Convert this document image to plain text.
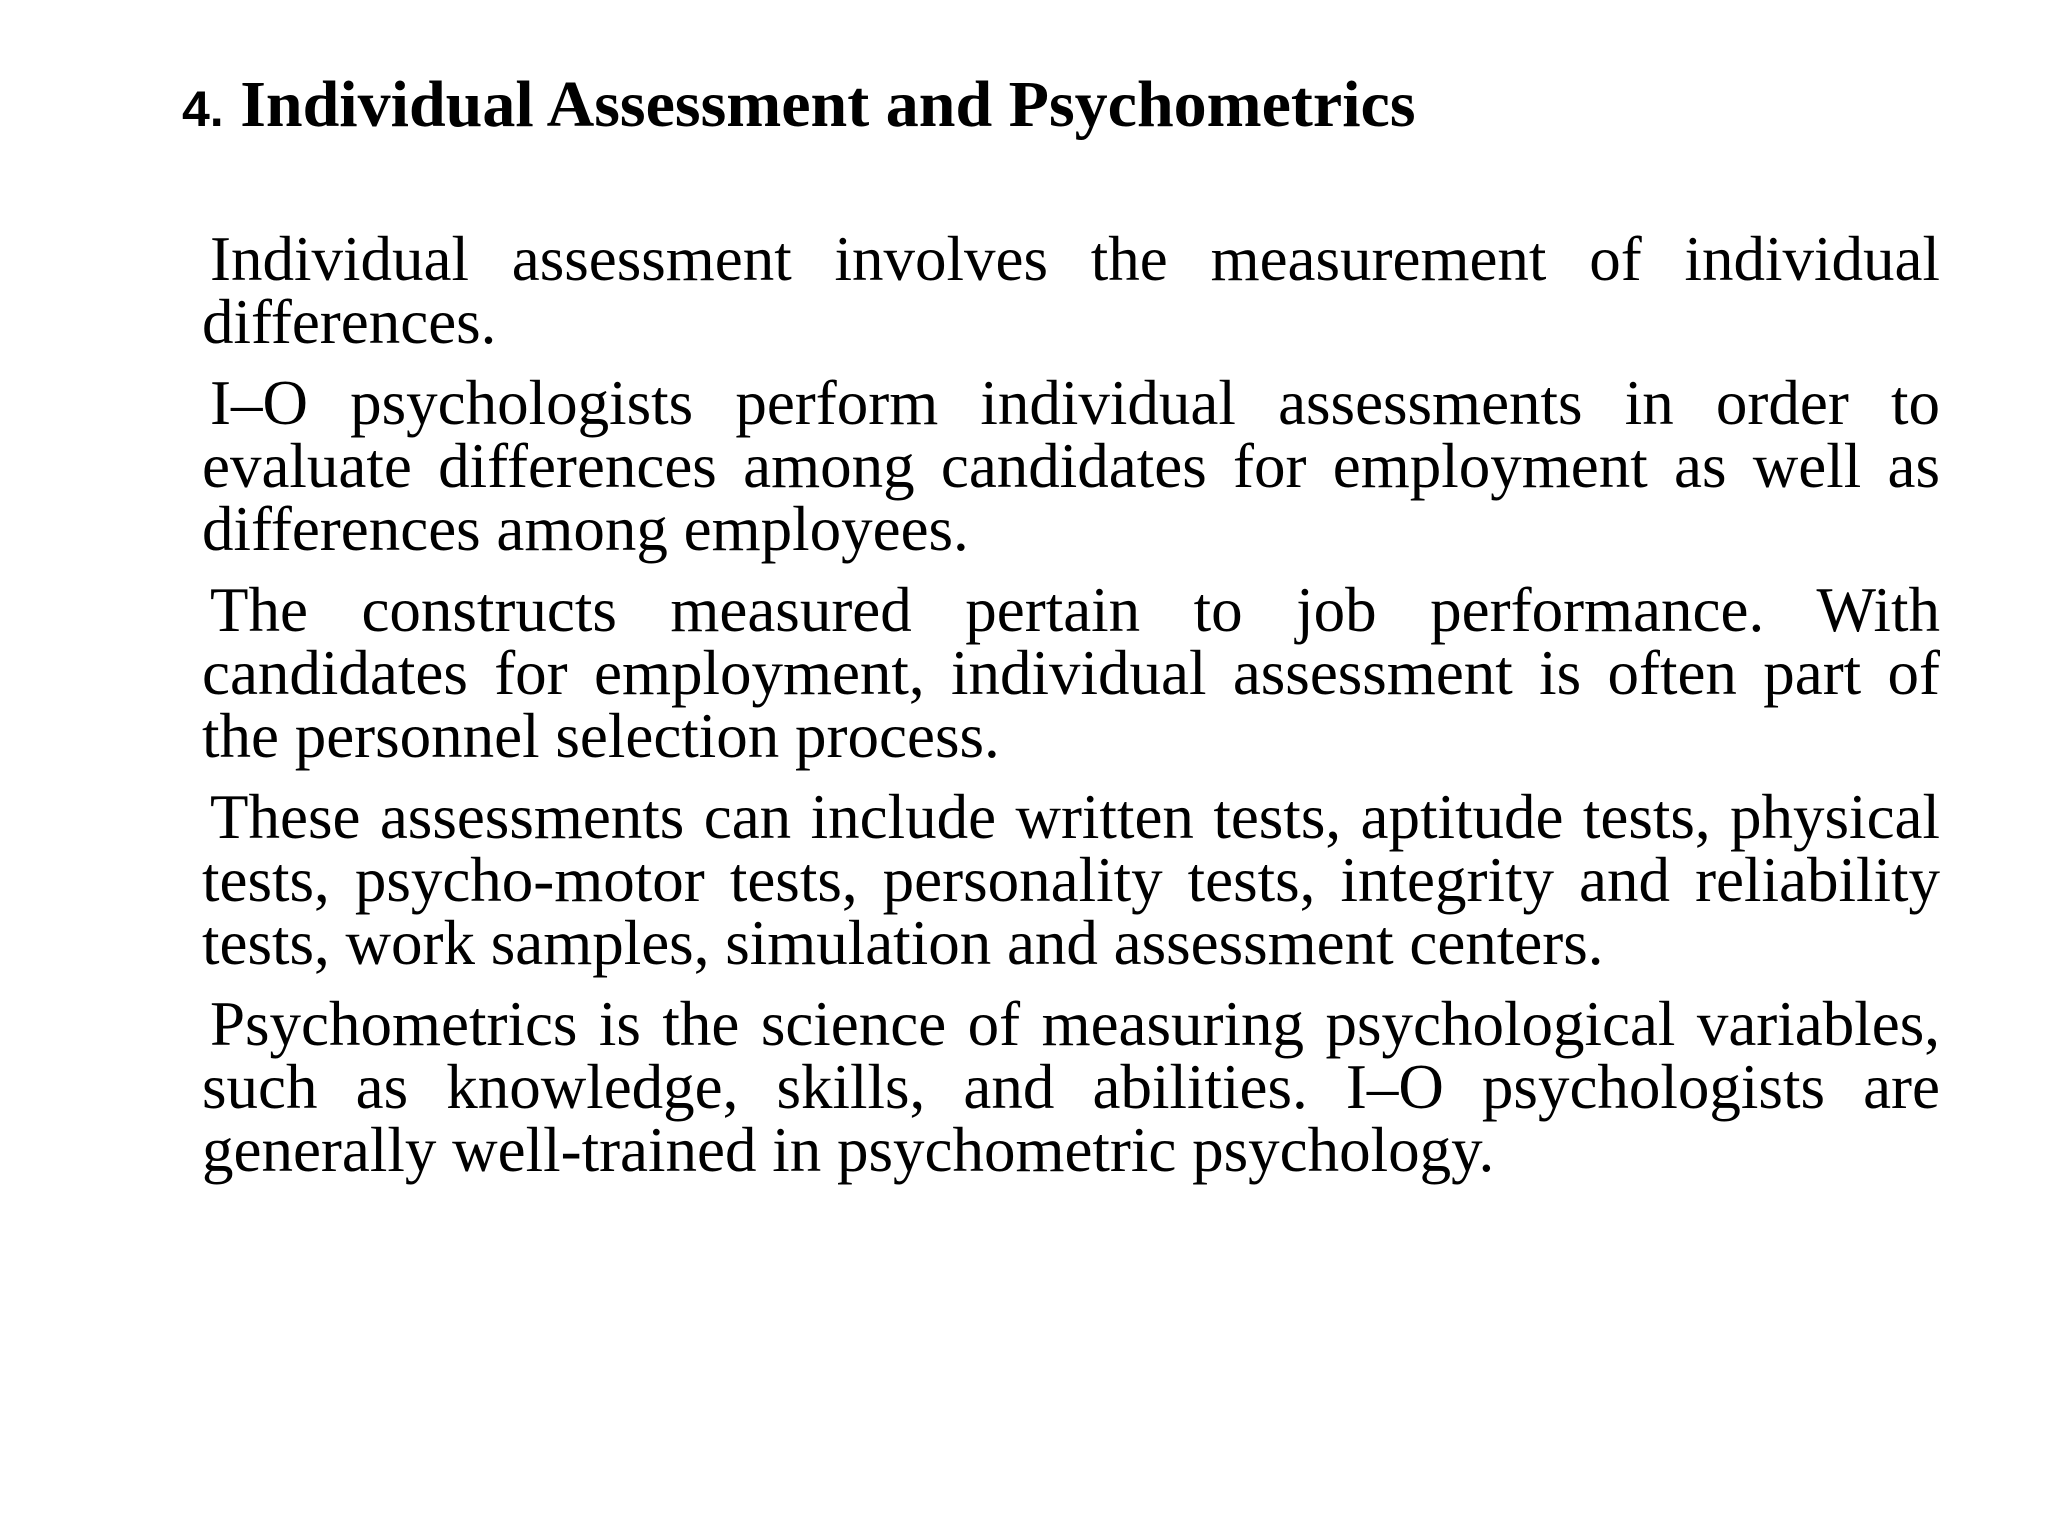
4. Individual Assessment and Psychometrics

Individual assessment involves the measurement of individual differences.

I–O psychologists perform individual assessments in order to evaluate differences among candidates for employment as well as differences among employees.

The constructs measured pertain to job performance. With candidates for employment, individual assessment is often part of the personnel selection process.

These assessments can include written tests, aptitude tests, physical tests, psycho-motor tests, personality tests, integrity and reliability tests, work samples, simulation and assessment centers.

Psychometrics is the science of measuring psychological variables, such as knowledge, skills, and abilities. I–O psychologists are generally well-trained in psychometric psychology.
